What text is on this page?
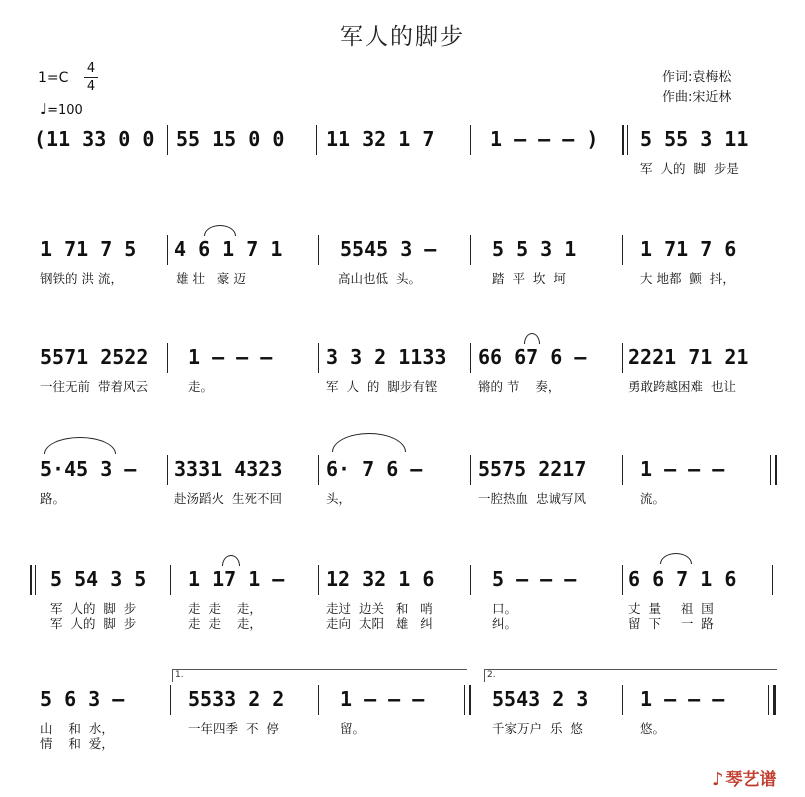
军人的脚步
1=C
4
4
♩=100
作词:袁梅松
作曲:宋近林
(11 33 0 0 55 15 0 0 11 32 1 7	1 – – – ) 5 55 3 11
军  人的  脚  步是
1 71 7 5 4 6 1 7 1	5545 3 –	5 5 3 1	1 71 7 6
钢铁的 洪 流，	雄 壮   豪 迈	高山也低  头。	踏  平  坎  坷	大 地都  颤  抖，
5571 2522 1 – – –	3 3 2 1133 66 67 6 – 2221 71 21
一往无前  带着风云	走。	军  人  的  脚步有铿	锵的 节    奏，	勇敢跨越困难  也让
5·45 3 – 3331 4323 6· 7 6 –	5575 2217	1 – – –
路。	赴汤蹈火  生死不回	头，	一腔热血  忠诚写风	流。
5 54 3 5 1 17 1 – 12 32 1 6	5 – – –	6 6 7 1 6
军  人的  脚  步	走  走    走，	走过  边关   和   哨	口。	丈  量     祖  国
军  人的  脚  步	走  走    走，	走向  太阳   雄   纠	纠。	留  下     一  路
1.	2.
5 6 3 –	5533 2 2	1 – – –	5543 2 3	1 – – –
山    和  水，	一年四季  不  停	留。	千家万户  乐  悠	悠。
情    和  爱，
♪ 琴艺谱
